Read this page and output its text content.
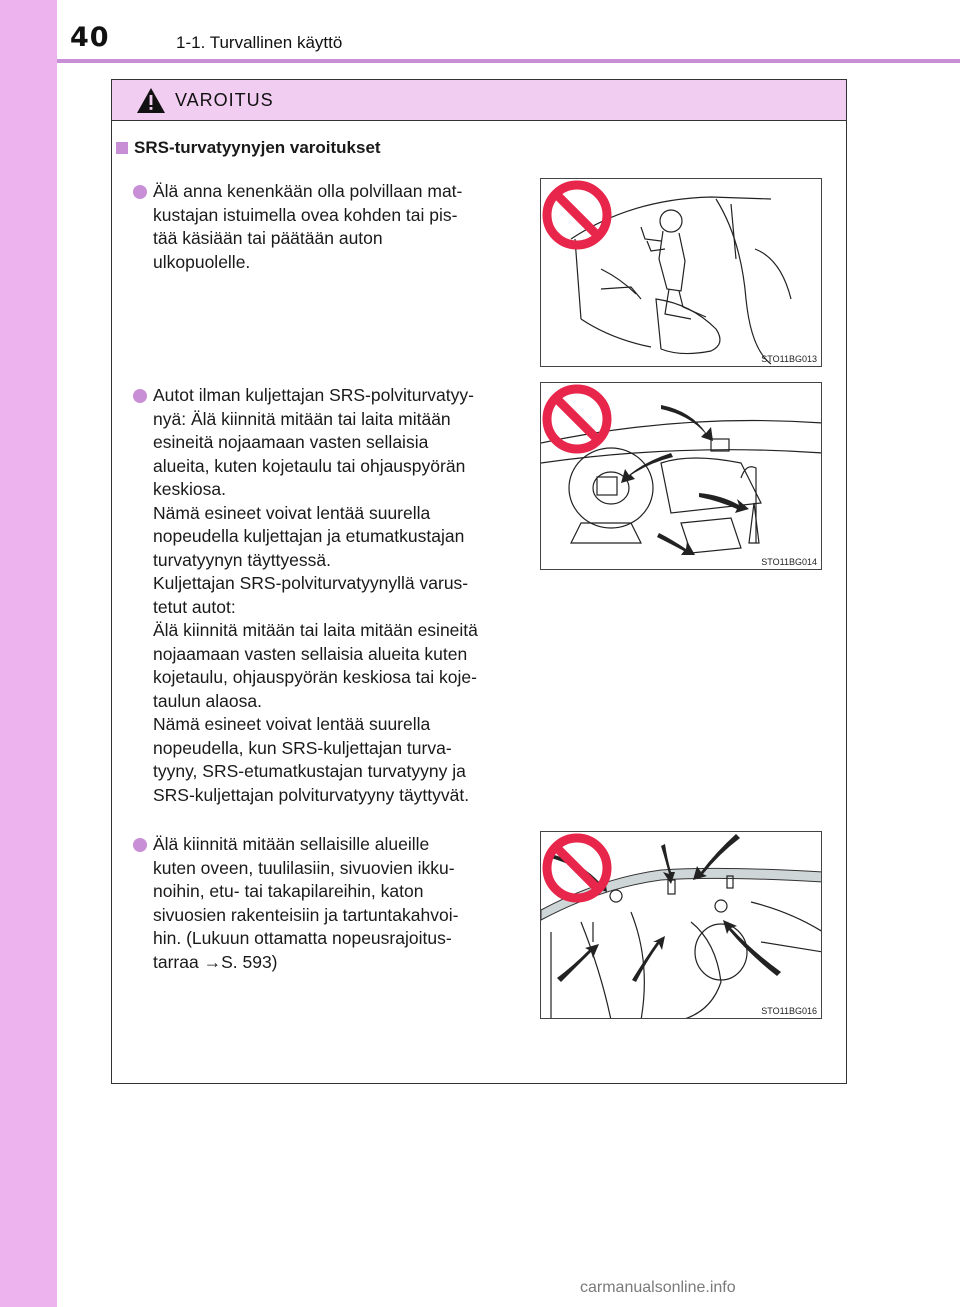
40	1-1. Turvallinen käyttö
VAROITUS
SRS-turvatyynyjen varoitukset
Älä anna kenenkään olla polvillaan mat-
kustajan istuimella ovea kohden tai pis-
tää käsiään tai päätään auton
ulkopuolelle.
STO11BG013
Autot ilman kuljettajan SRS-polviturvatyy-
nyä: Älä kiinnitä mitään tai laita mitään
esineitä nojaamaan vasten sellaisia
alueita, kuten kojetaulu tai ohjauspyörän
keskiosa.
Nämä esineet voivat lentää suurella
nopeudella kuljettajan ja etumatkustajan
turvatyynyn täyttyessä.
Kuljettajan SRS-polviturvatyynyllä varus-
tetut autot:
Älä kiinnitä mitään tai laita mitään esineitä
nojaamaan vasten sellaisia alueita kuten
kojetaulu, ohjauspyörän keskiosa tai koje-
taulun alaosa.
Nämä esineet voivat lentää suurella
nopeudella, kun SRS-kuljettajan turva-
tyyny, SRS-etumatkustajan turvatyyny ja
SRS-kuljettajan polviturvatyyny täyttyvät.
STO11BG014
Älä kiinnitä mitään sellaisille alueille
kuten oveen, tuulilasiin, sivuovien ikku-
noihin, etu- tai takapilareihin, katon
sivuosien rakenteisiin ja tartuntakahvoi-
hin. (Lukuun ottamatta nopeusrajoitus-
tarraa →S. 593)
STO11BG016
carmanualsonline.info
